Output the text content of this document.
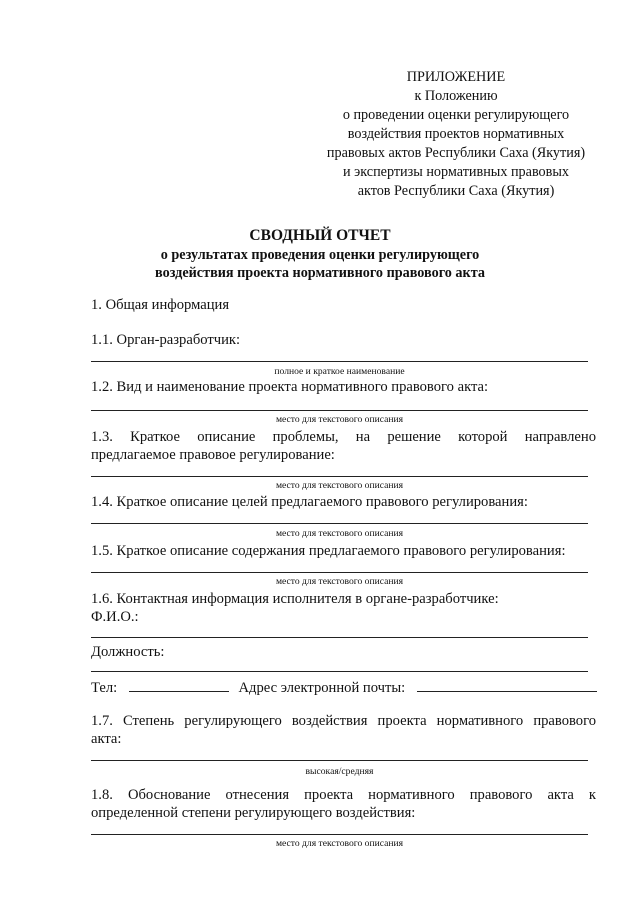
ПРИЛОЖЕНИЕ
к Положению
о проведении оценки регулирующего
воздействия проектов нормативных
правовых актов Республики Саха (Якутия)
и экспертизы нормативных правовых
актов Республики Саха (Якутия)
СВОДНЫЙ ОТЧЕТ
о результатах проведения оценки регулирующего
воздействия проекта нормативного правового акта
1. Общая информация
1.1. Орган-разработчик:
полное и краткое наименование
1.2. Вид и наименование проекта нормативного правового акта:
место для текстового описания
1.3. Краткое описание проблемы, на решение которой направлено
предлагаемое правовое регулирование:
место для текстового описания
1.4. Краткое описание целей предлагаемого правового регулирования:
место для текстового описания
1.5. Краткое описание содержания предлагаемого правового регулирования:
место для текстового описания
1.6. Контактная информация исполнителя в органе-разработчике:
Ф.И.О.:
Должность:
Тел:	Адрес электронной почты:
1.7. Степень регулирующего воздействия проекта нормативного правового
акта:
высокая/средняя
1.8. Обоснование отнесения проекта нормативного правового акта к
определенной степени регулирующего воздействия:
место для текстового описания
